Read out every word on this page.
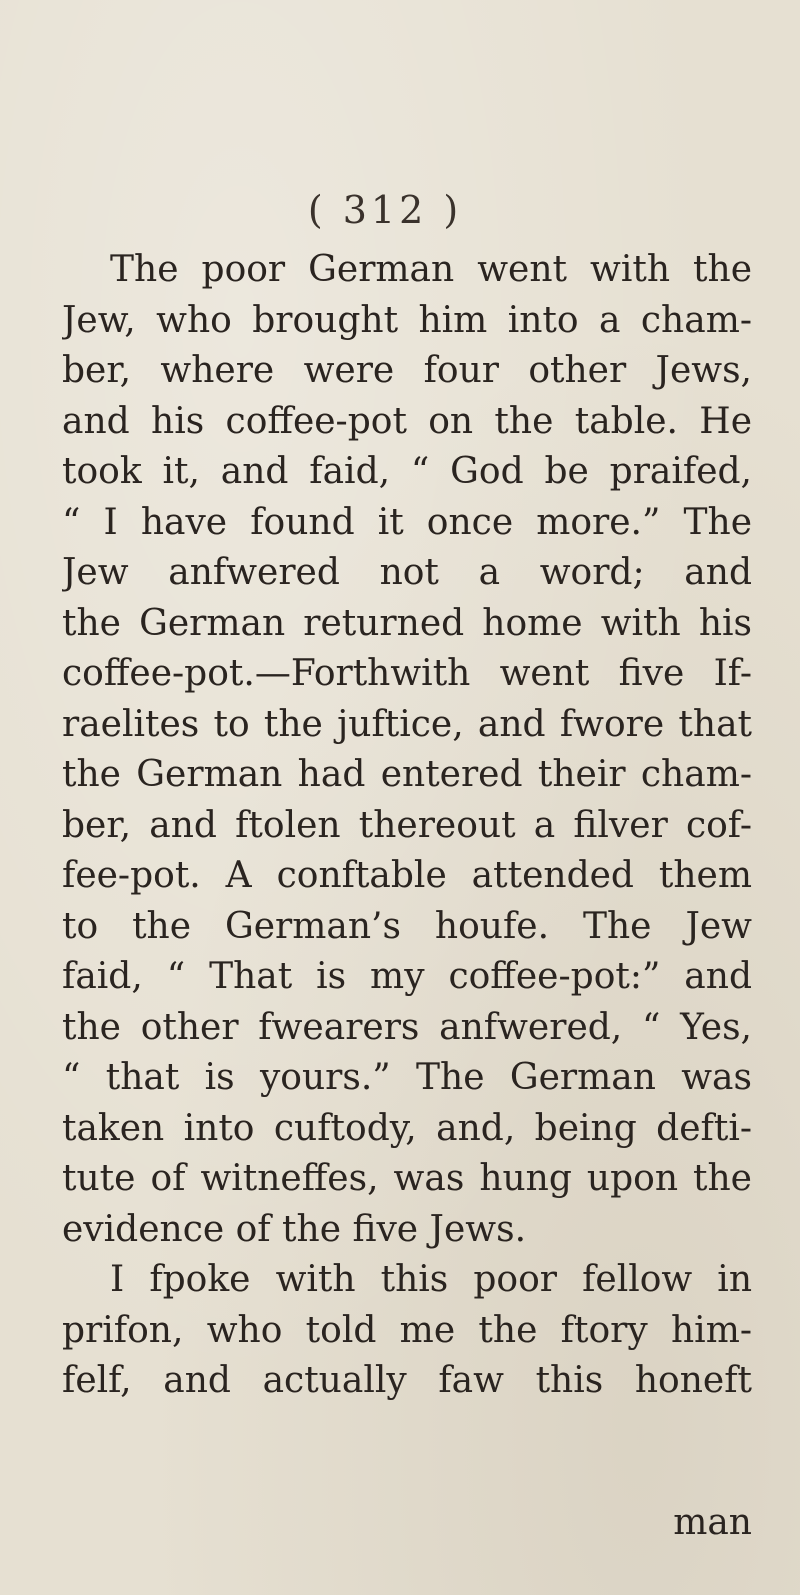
( 312 )
The poor German went with the
Jew, who brought him into a cham-
ber, where were four other Jews,
and his coffee-pot on the table. He
took it, and faid, “ God be praifed,
“ I have found it once more.” The
Jew anfwered not a word; and
the German returned home with his
coffee-pot.—Forthwith went five If-
raelites to the juftice, and fwore that
the German had entered their cham-
ber, and ftolen thereout a filver cof-
fee-pot. A conftable attended them
to the German’s houfe. The Jew
faid, “ That is my coffee-pot:” and
the other fwearers anfwered, “ Yes,
“ that is yours.” The German was
taken into cuftody, and, being defti-
tute of witneffes, was hung upon the
evidence of the five Jews.
I fpoke with this poor fellow in
prifon, who told me the ftory him-
felf, and actually faw this honeft
man
